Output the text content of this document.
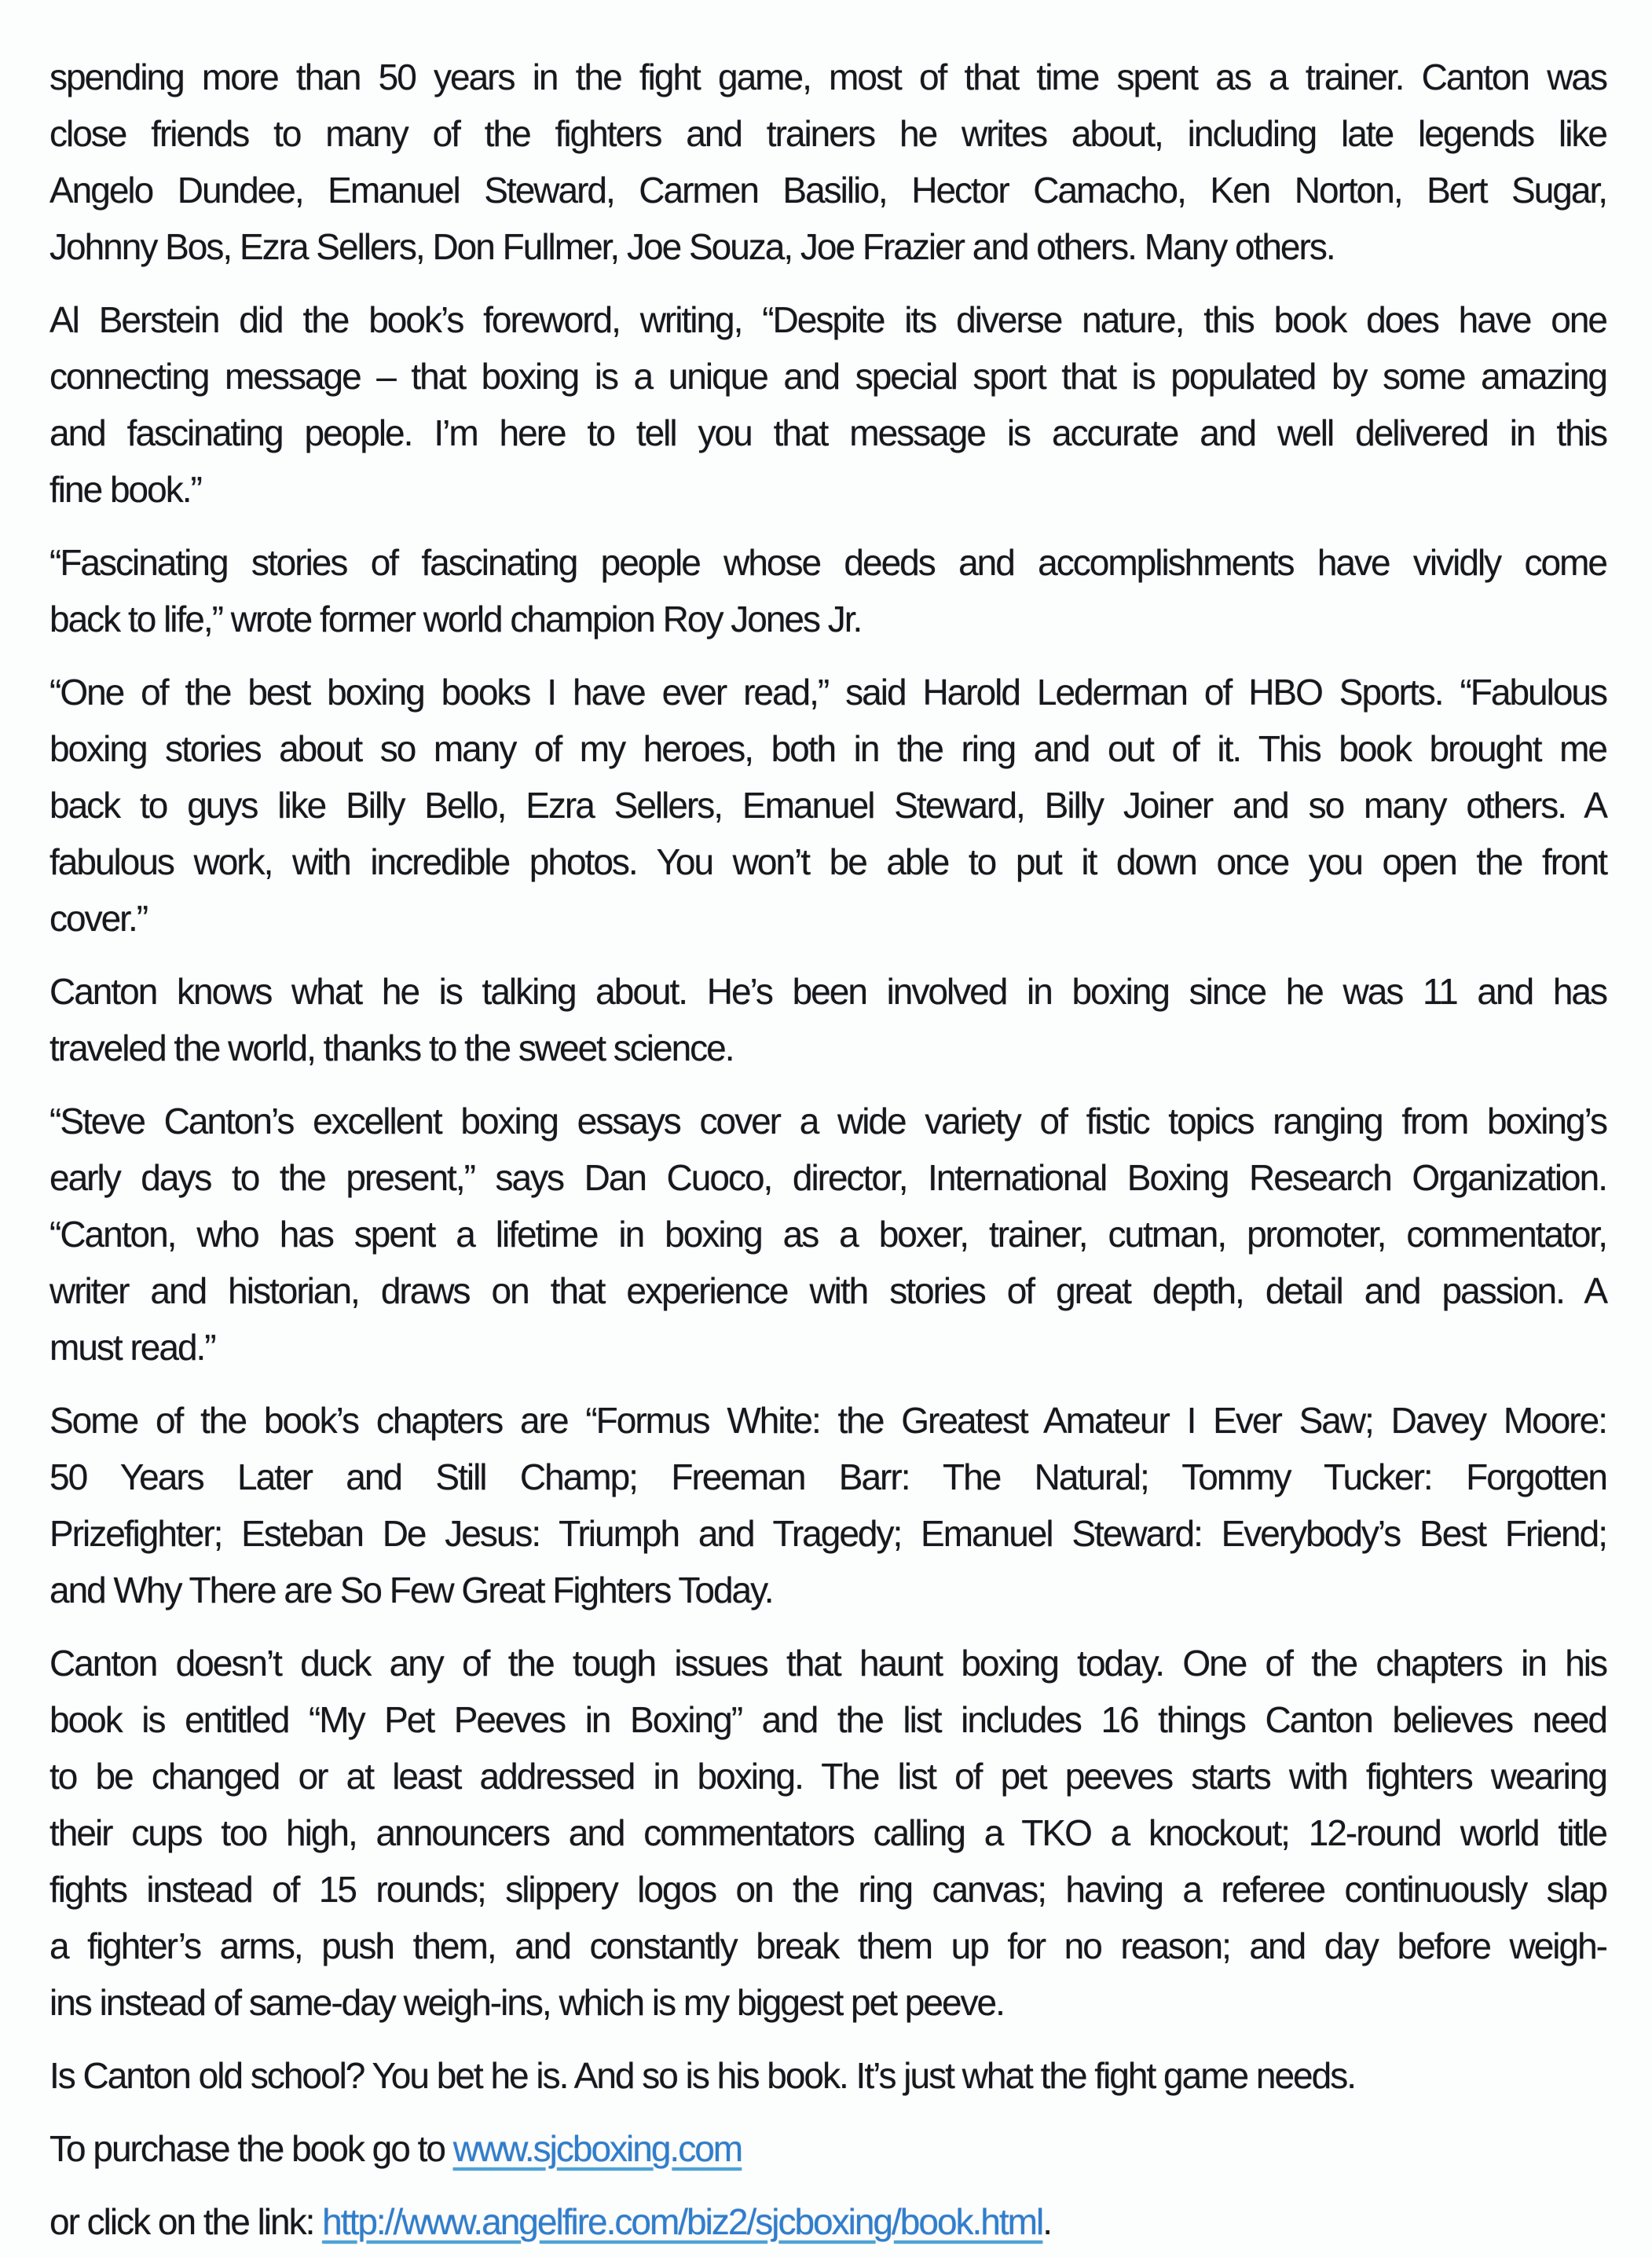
spending more than 50 years in the fight game, most of that time spent as a trainer. Canton was
close friends to many of the fighters and trainers he writes about, including late legends like
Angelo Dundee, Emanuel Steward, Carmen Basilio, Hector Camacho, Ken Norton, Bert Sugar,
Johnny Bos, Ezra Sellers, Don Fullmer, Joe Souza, Joe Frazier and others. Many others.
Al Berstein did the book’s foreword, writing, “Despite its diverse nature, this book does have one
connecting message – that boxing is a unique and special sport that is populated by some amazing
and fascinating people. I’m here to tell you that message is accurate and well delivered in this
fine book.”
“Fascinating stories of fascinating people whose deeds and accomplishments have vividly come
back to life,” wrote former world champion Roy Jones Jr.
“One of the best boxing books I have ever read,” said Harold Lederman of HBO Sports. “Fabulous
boxing stories about so many of my heroes, both in the ring and out of it. This book brought me
back to guys like Billy Bello, Ezra Sellers, Emanuel Steward, Billy Joiner and so many others. A
fabulous work, with incredible photos. You won’t be able to put it down once you open the front
cover.”
Canton knows what he is talking about. He’s been involved in boxing since he was 11 and has
traveled the world, thanks to the sweet science.
“Steve Canton’s excellent boxing essays cover a wide variety of fistic topics ranging from boxing’s
early days to the present,” says Dan Cuoco, director, International Boxing Research Organization.
“Canton, who has spent a lifetime in boxing as a boxer, trainer, cutman, promoter, commentator,
writer and historian, draws on that experience with stories of great depth, detail and passion. A
must read.”
Some of the book’s chapters are “Formus White: the Greatest Amateur I Ever Saw; Davey Moore:
50 Years Later and Still Champ; Freeman Barr: The Natural; Tommy Tucker: Forgotten
Prizefighter; Esteban De Jesus: Triumph and Tragedy; Emanuel Steward: Everybody’s Best Friend;
and Why There are So Few Great Fighters Today.
Canton doesn’t duck any of the tough issues that haunt boxing today. One of the chapters in his
book is entitled “My Pet Peeves in Boxing” and the list includes 16 things Canton believes need
to be changed or at least addressed in boxing. The list of pet peeves starts with fighters wearing
their cups too high, announcers and commentators calling a TKO a knockout; 12-round world title
fights instead of 15 rounds; slippery logos on the ring canvas; having a referee continuously slap
a fighter’s arms, push them, and constantly break them up for no reason; and day before weigh-
ins instead of same-day weigh-ins, which is my biggest pet peeve.
Is Canton old school? You bet he is. And so is his book. It’s just what the fight game needs.
To purchase the book go to www.sjcboxing.com
or click on the link: http://www.angelfire.com/biz2/sjcboxing/book.html.
